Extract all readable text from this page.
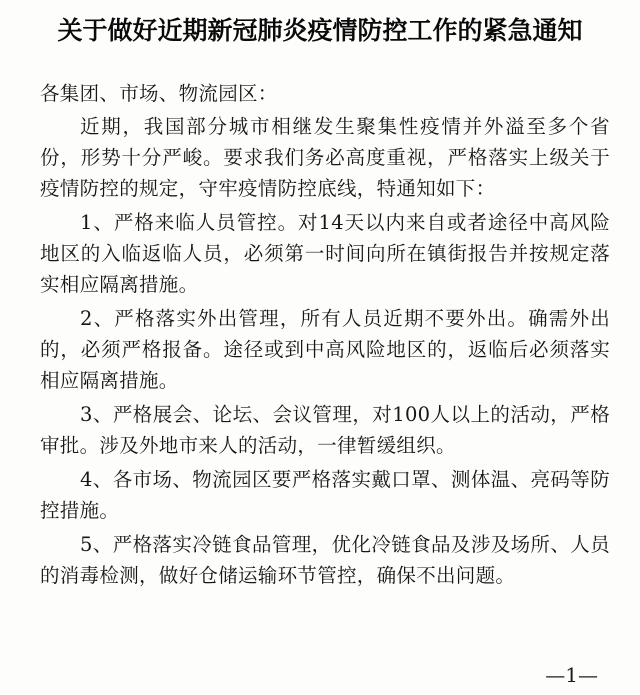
关于做好近期新冠肺炎疫情防控工作的紧急通知

各集团、市场、物流园区：

近期，我国部分城市相继发生聚集性疫情并外溢至多个省份，形势十分严峻。要求我们务必高度重视，严格落实上级关于疫情防控的规定，守牢疫情防控底线，特通知如下：

1、严格来临人员管控。对14天以内来自或者途径中高风险地区的入临返临人员，必须第一时间向所在镇街报告并按规定落实相应隔离措施。

2、严格落实外出管理，所有人员近期不要外出。确需外出的，必须严格报备。途径或到中高风险地区的，返临后必须落实相应隔离措施。

3、严格展会、论坛、会议管理，对100人以上的活动，严格审批。涉及外地市来人的活动，一律暂缓组织。

4、各市场、物流园区要严格落实戴口罩、测体温、亮码等防控措施。

5、严格落实冷链食品管理，优化冷链食品及涉及场所、人员的消毒检测，做好仓储运输环节管控，确保不出问题。

—1—
